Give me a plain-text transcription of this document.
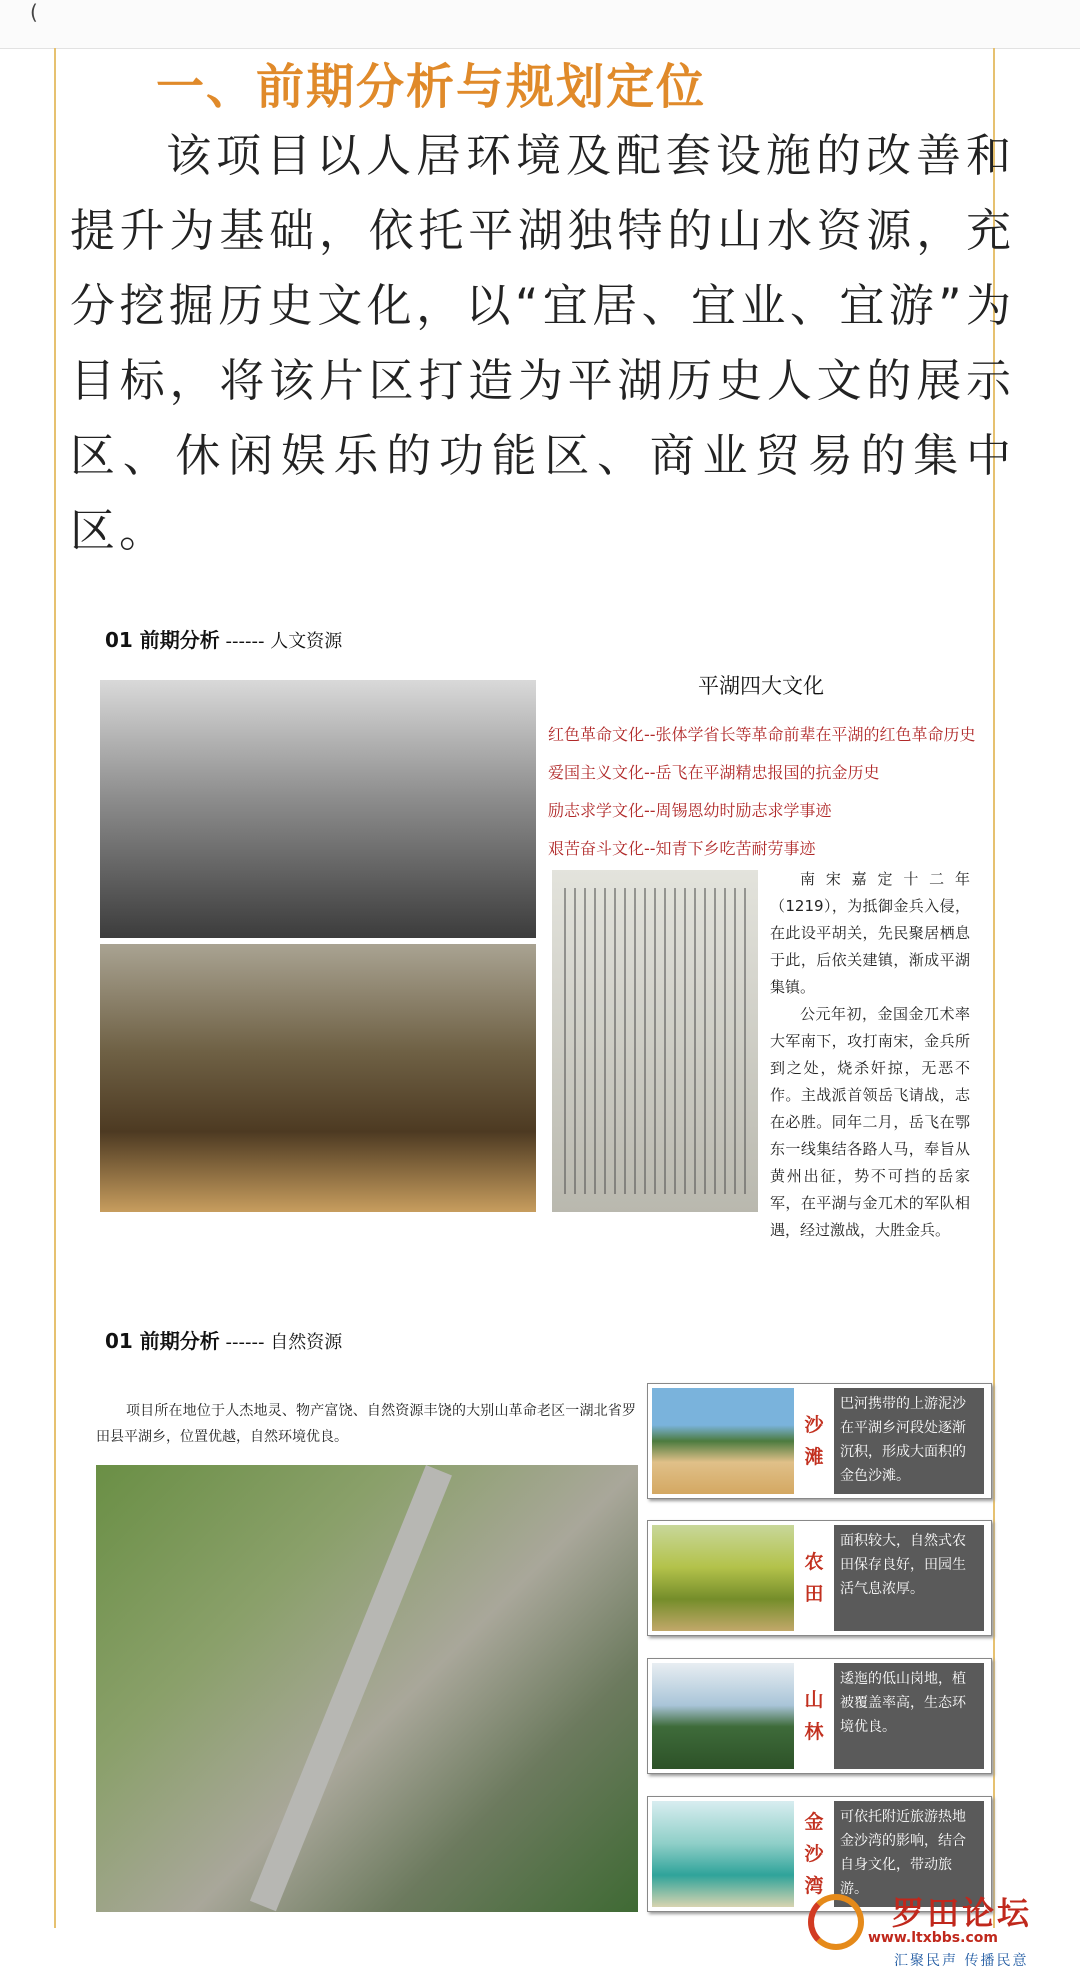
(
一、前期分析与规划定位
该项目以人居环境及配套设施的改善和提升为基础，依托平湖独特的山水资源，充分挖掘历史文化，以“宜居、宜业、宜游”为目标，将该片区打造为平湖历史人文的展示区、休闲娱乐的功能区、商业贸易的集中区。
01 前期分析 ------ 人文资源
平湖四大文化
红色革命文化--张体学省长等革命前辈在平湖的红色革命历史
爱国主义文化--岳飞在平湖精忠报国的抗金历史
励志求学文化--周锡恩幼时励志求学事迹
艰苦奋斗文化--知青下乡吃苦耐劳事迹

南宋嘉定十二年（1219），为抵御金兵入侵，在此设平胡关，先民聚居栖息于此，后依关建镇，渐成平湖集镇。

公元年初，金国金兀术率大军南下，攻打南宋，金兵所到之处，烧杀奸掠，无恶不作。主战派首领岳飞请战，志在必胜。同年二月，岳飞在鄂东一线集结各路人马，奉旨从黄州出征，势不可挡的岳家军，在平湖与金兀术的军队相遇，经过激战，大胜金兵。

01 前期分析 ------ 自然资源
项目所在地位于人杰地灵、物产富饶、自然资源丰饶的大别山革命老区一湖北省罗田县平湖乡，位置优越，自然环境优良。
沙
滩
巴河携带的上游泥沙在平湖乡河段处逐渐沉积，形成大面积的金色沙滩。
农
田
面积较大，自然式农田保存良好，田园生活气息浓厚。
山
林
逶迤的低山岗地，植被覆盖率高，生态环境优良。
金
沙
湾
可依托附近旅游热地金沙湾的影响，结合自身文化，带动旅游。
罗田论坛
www.ltxbbs.com
汇聚民声 传播民意
